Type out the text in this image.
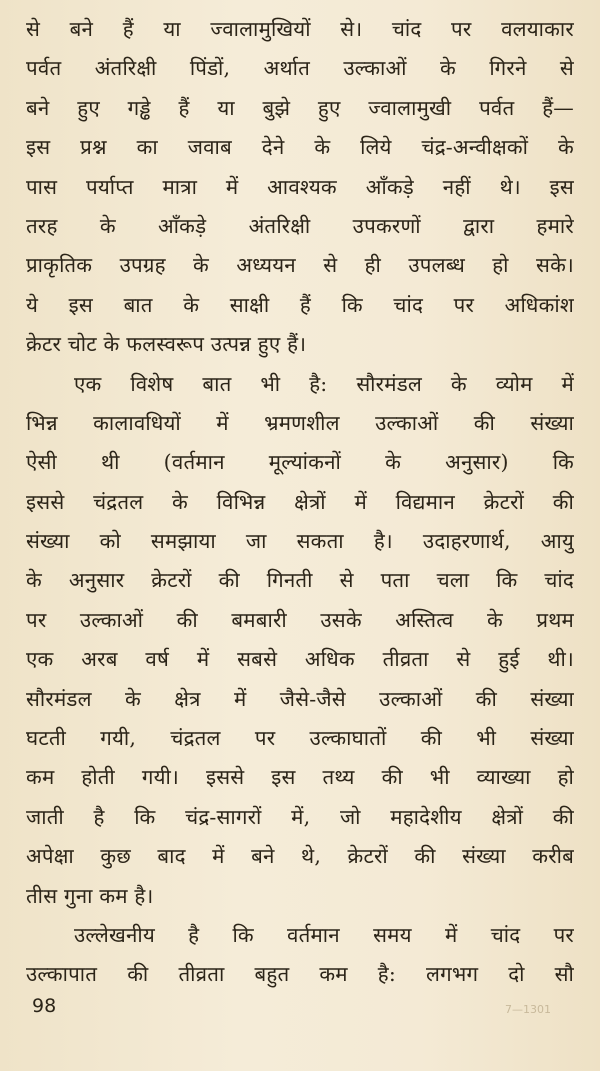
से बने हैं या ज्वालामुखियों से। चांद पर वलयाकार
पर्वत अंतरिक्षी पिंडों, अर्थात उल्काओं के गिरने से
बने हुए गड्ढे हैं या बुझे हुए ज्वालामुखी पर्वत हैं—
इस प्रश्न का जवाब देने के लिये चंद्र-अन्वीक्षकों के
पास पर्याप्त मात्रा में आवश्यक आँकड़े नहीं थे। इस
तरह के आँकड़े अंतरिक्षी उपकरणों द्वारा हमारे
प्राकृतिक उपग्रह के अध्ययन से ही उपलब्ध हो सके।
ये इस बात के साक्षी हैं कि चांद पर अधिकांश
क्रेटर चोट के फलस्वरूप उत्पन्न हुए हैं।
एक विशेष बात भी है: सौरमंडल के व्योम में
भिन्न कालावधियों में भ्रमणशील उल्काओं की संख्या
ऐसी थी (वर्तमान मूल्यांकनों के अनुसार) कि
इससे चंद्रतल के विभिन्न क्षेत्रों में विद्यमान क्रेटरों की
संख्या को समझाया जा सकता है। उदाहरणार्थ, आयु
के अनुसार क्रेटरों की गिनती से पता चला कि चांद
पर उल्काओं की बमबारी उसके अस्तित्व के प्रथम
एक अरब वर्ष में सबसे अधिक तीव्रता से हुई थी।
सौरमंडल के क्षेत्र में जैसे-जैसे उल्काओं की संख्या
घटती गयी, चंद्रतल पर उल्काघातों की भी संख्या
कम होती गयी। इससे इस तथ्य की भी व्याख्या हो
जाती है कि चंद्र-सागरों में, जो महादेशीय क्षेत्रों की
अपेक्षा कुछ बाद में बने थे, क्रेटरों की संख्या करीब
तीस गुना कम है।
उल्लेखनीय है कि वर्तमान समय में चांद पर
उल्कापात की तीव्रता बहुत कम है: लगभग दो सौ
98	7—1301
